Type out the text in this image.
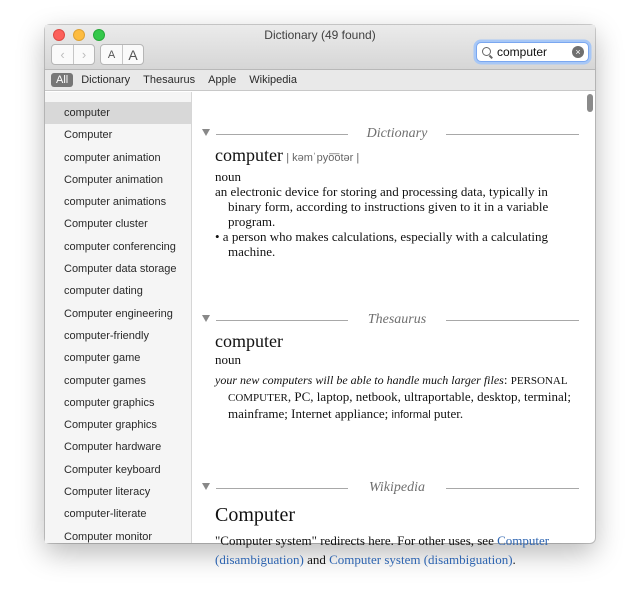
Dictionary (49 found)
‹	›	A A
computer	×
All	Dictionary	Thesaurus	Apple	Wikipedia
computer
Computer
computer animation
Computer animation
computer animations
Computer cluster
computer conferencing
Computer data storage
computer dating
Computer engineering
computer-friendly
computer game
computer games
computer graphics
Computer graphics
Computer hardware
Computer keyboard
Computer literacy
computer-literate
Computer monitor
Dictionary
computer | kəmˈpyo͞otər |
noun
an electronic device for storing and processing data, typically in binary form, according to instructions given to it in a variable program.
• a person who makes calculations, especially with a calculating machine.
Thesaurus
computer
noun
your new computers will be able to handle much larger files: PERSONAL COMPUTER, PC, laptop, netbook, ultraportable, desktop, terminal; mainframe; Internet appliance; informal puter.
Wikipedia
Computer
"Computer system" redirects here. For other uses, see Computer (disambiguation) and Computer system (disambiguation).
